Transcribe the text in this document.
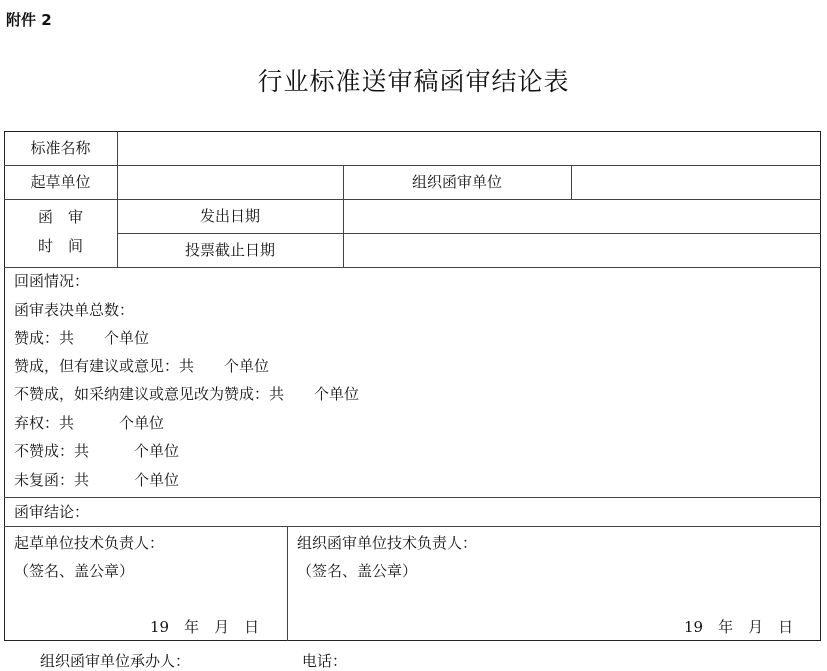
附件 2
行业标准送审稿函审结论表
标准名称
起草单位	组织函审单位
函　审
时　间
发出日期
投票截止日期
回函情况：
函审表决单总数：
赞成：共　　个单位
赞成，但有建议或意见：共　　个单位
不赞成，如采纳建议或意见改为赞成：共　　个单位
弃权：共　　　个单位
不赞成：共　　　个单位
未复函：共　　　个单位
函审结论：
起草单位技术负责人：
（签名、盖公章）
19　年　月　日
组织函审单位技术负责人：
（签名、盖公章）
19　年　月　日
组织函审单位承办人：	电话：
